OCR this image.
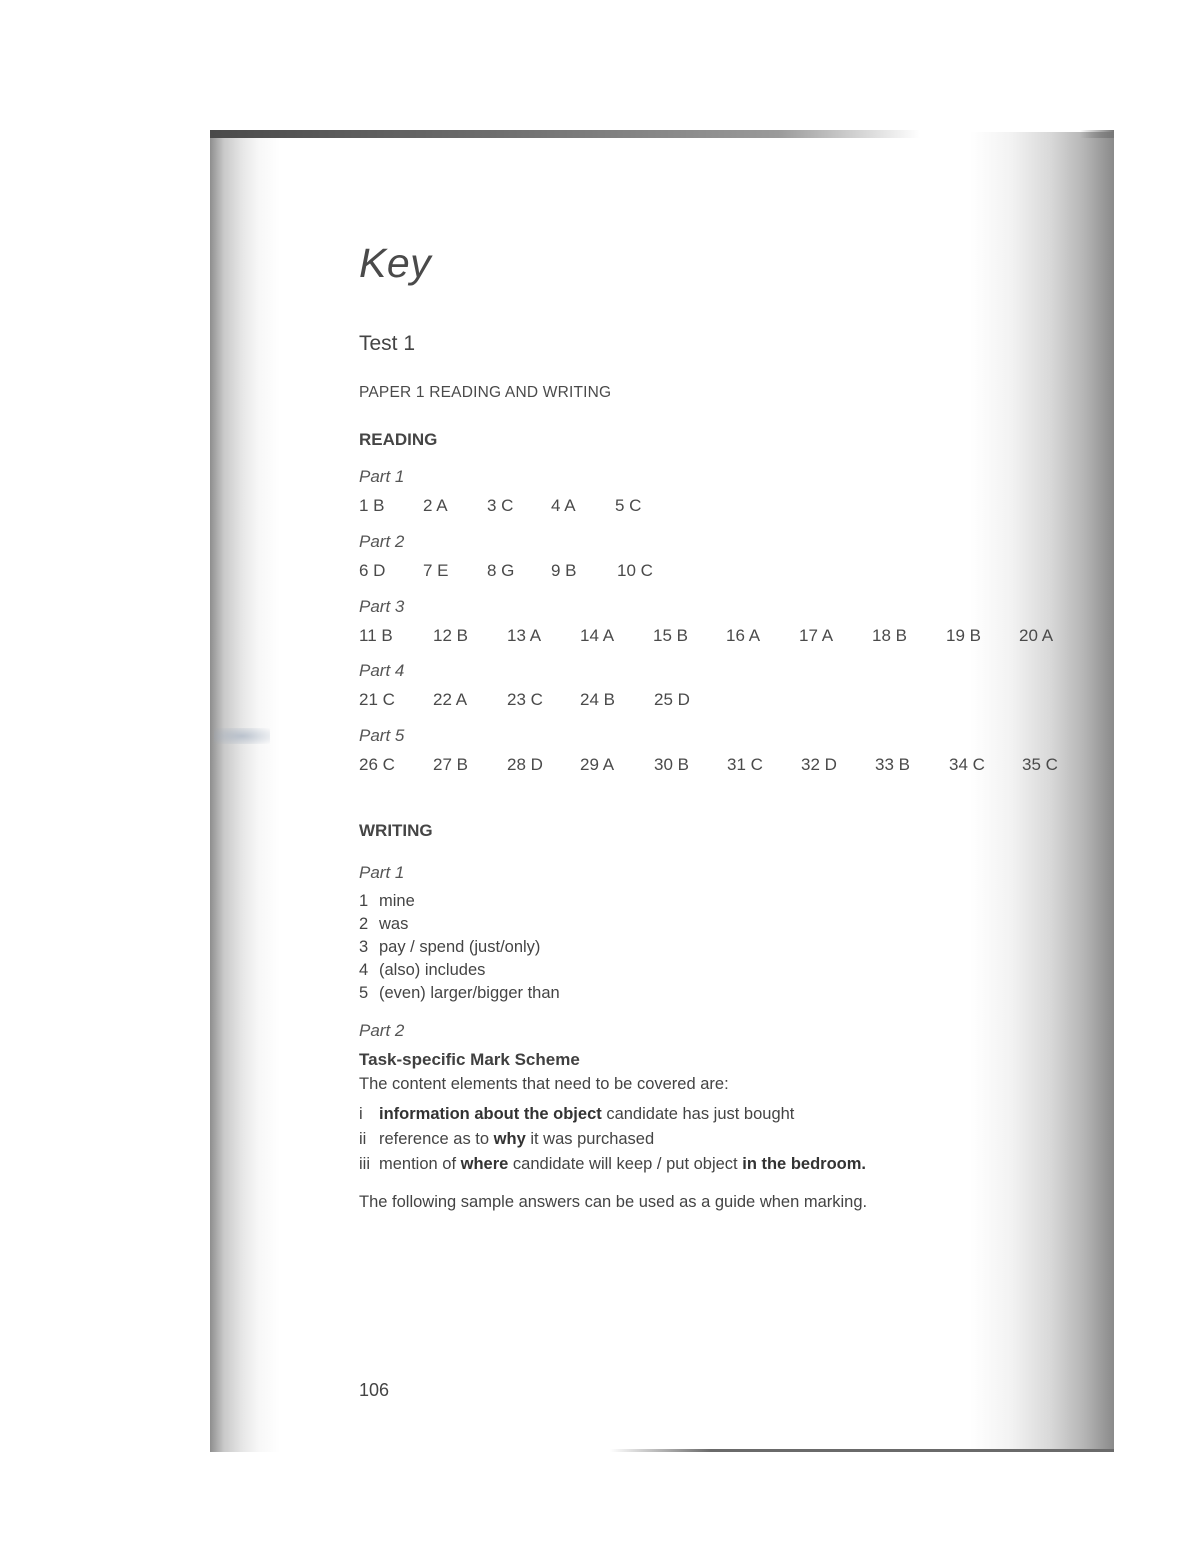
Key
Test 1
PAPER 1 READING AND WRITING
READING
Part 1
1 B 2 A 3 C 4 A 5 C
Part 2
6 D 7 E 8 G 9 B 10 C
Part 3
11 B 12 B 13 A 14 A 15 B 16 A 17 A 18 B 19 B 20 A
Part 4
21 C 22 A 23 C 24 B 25 D
Part 5
26 C 27 B 28 D 29 A 30 B 31 C 32 D 33 B 34 C 35 C
WRITING
Part 1
1 mine
2 was
3 pay / spend (just/only)
4 (also) includes
5 (even) larger/bigger than
Part 2
Task-specific Mark Scheme
The content elements that need to be covered are:
i information about the object candidate has just bought
ii reference as to why it was purchased
iii mention of where candidate will keep / put object in the bedroom.
The following sample answers can be used as a guide when marking.
106
